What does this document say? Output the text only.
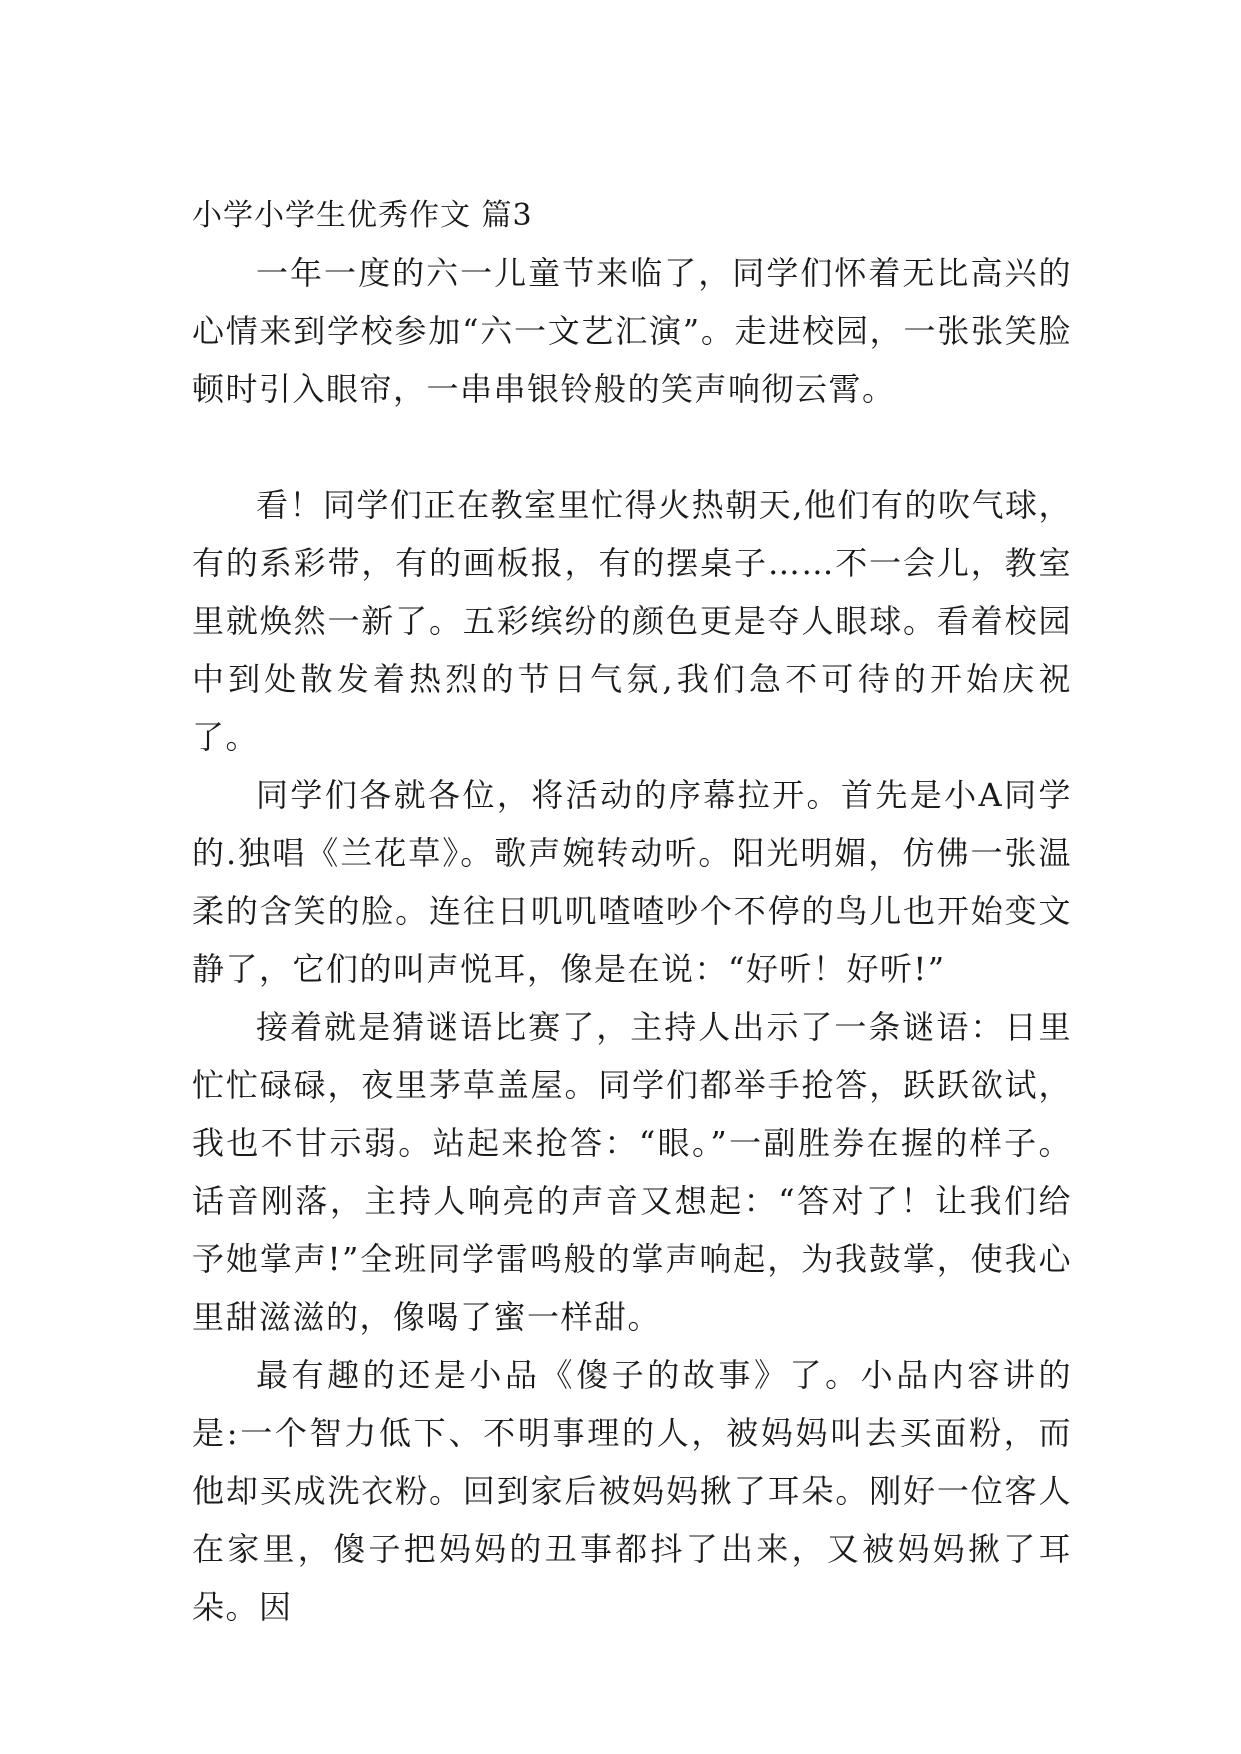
小学小学生优秀作文 篇3

一年一度的六一儿童节来临了，同学们怀着无比高兴的心情来到学校参加“六一文艺汇演”。走进校园，一张张笑脸顿时引入眼帘，一串串银铃般的笑声响彻云霄。

看！同学们正在教室里忙得火热朝天,他们有的吹气球，有的系彩带，有的画板报，有的摆桌子……不一会儿，教室里就焕然一新了。五彩缤纷的颜色更是夺人眼球。看着校园中到处散发着热烈的节日气氛,我们急不可待的开始庆祝了。

同学们各就各位，将活动的序幕拉开。首先是小A同学的.独唱《兰花草》。歌声婉转动听。阳光明媚，仿佛一张温柔的含笑的脸。连往日叽叽喳喳吵个不停的鸟儿也开始变文静了，它们的叫声悦耳，像是在说：“好听！好听!”

接着就是猜谜语比赛了，主持人出示了一条谜语：日里忙忙碌碌，夜里茅草盖屋。同学们都举手抢答，跃跃欲试，我也不甘示弱。站起来抢答：“眼。”一副胜券在握的样子。话音刚落，主持人响亮的声音又想起：“答对了！让我们给予她掌声!”全班同学雷鸣般的掌声响起，为我鼓掌，使我心里甜滋滋的，像喝了蜜一样甜。

最有趣的还是小品《傻子的故事》了。小品内容讲的是:一个智力低下、不明事理的人，被妈妈叫去买面粉，而他却买成洗衣粉。回到家后被妈妈揪了耳朵。刚好一位客人在家里，傻子把妈妈的丑事都抖了出来，又被妈妈揪了耳朵。因
